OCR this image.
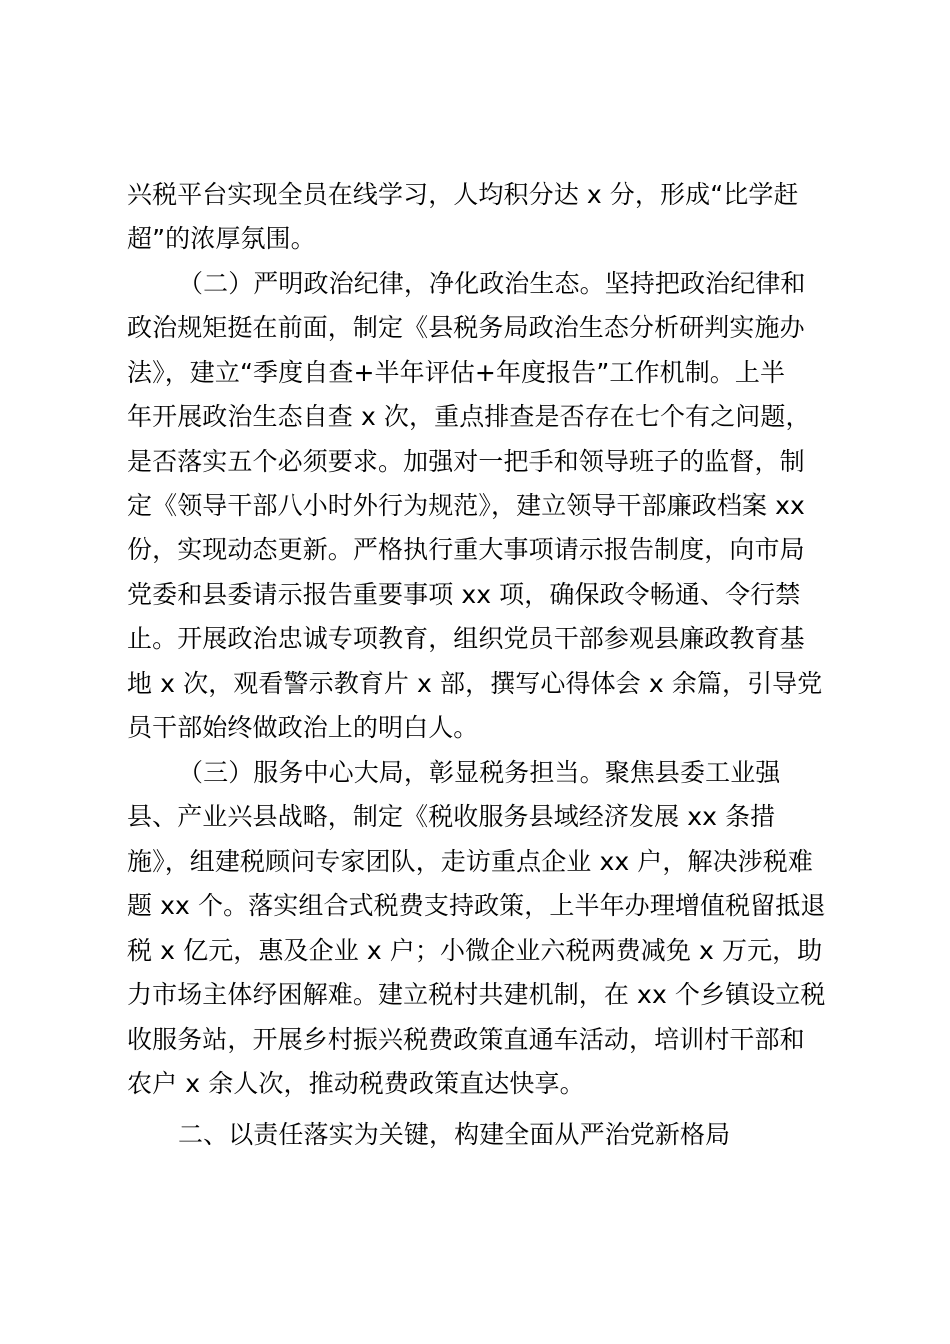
兴税平台实现全员在线学习，人均积分达 x 分，形成“比学赶
超”的浓厚氛围。
（二）严明政治纪律，净化政治生态。坚持把政治纪律和
政治规矩挺在前面，制定《县税务局政治生态分析研判实施办
法》，建立“季度自查+半年评估+年度报告”工作机制。上半
年开展政治生态自查 x 次，重点排查是否存在七个有之问题，
是否落实五个必须要求。加强对一把手和领导班子的监督，制
定《领导干部八小时外行为规范》，建立领导干部廉政档案 xx
份，实现动态更新。严格执行重大事项请示报告制度，向市局
党委和县委请示报告重要事项 xx 项，确保政令畅通、令行禁
止。开展政治忠诚专项教育，组织党员干部参观县廉政教育基
地 x 次，观看警示教育片 x 部，撰写心得体会 x 余篇，引导党
员干部始终做政治上的明白人。
（三）服务中心大局，彰显税务担当。聚焦县委工业强
县、产业兴县战略，制定《税收服务县域经济发展 xx 条措
施》，组建税顾问专家团队，走访重点企业 xx 户，解决涉税难
题 xx 个。落实组合式税费支持政策，上半年办理增值税留抵退
税 x 亿元，惠及企业 x 户；小微企业六税两费减免 x 万元，助
力市场主体纾困解难。建立税村共建机制，在 xx 个乡镇设立税
收服务站，开展乡村振兴税费政策直通车活动，培训村干部和
农户 x 余人次，推动税费政策直达快享。
二、以责任落实为关键，构建全面从严治党新格局
